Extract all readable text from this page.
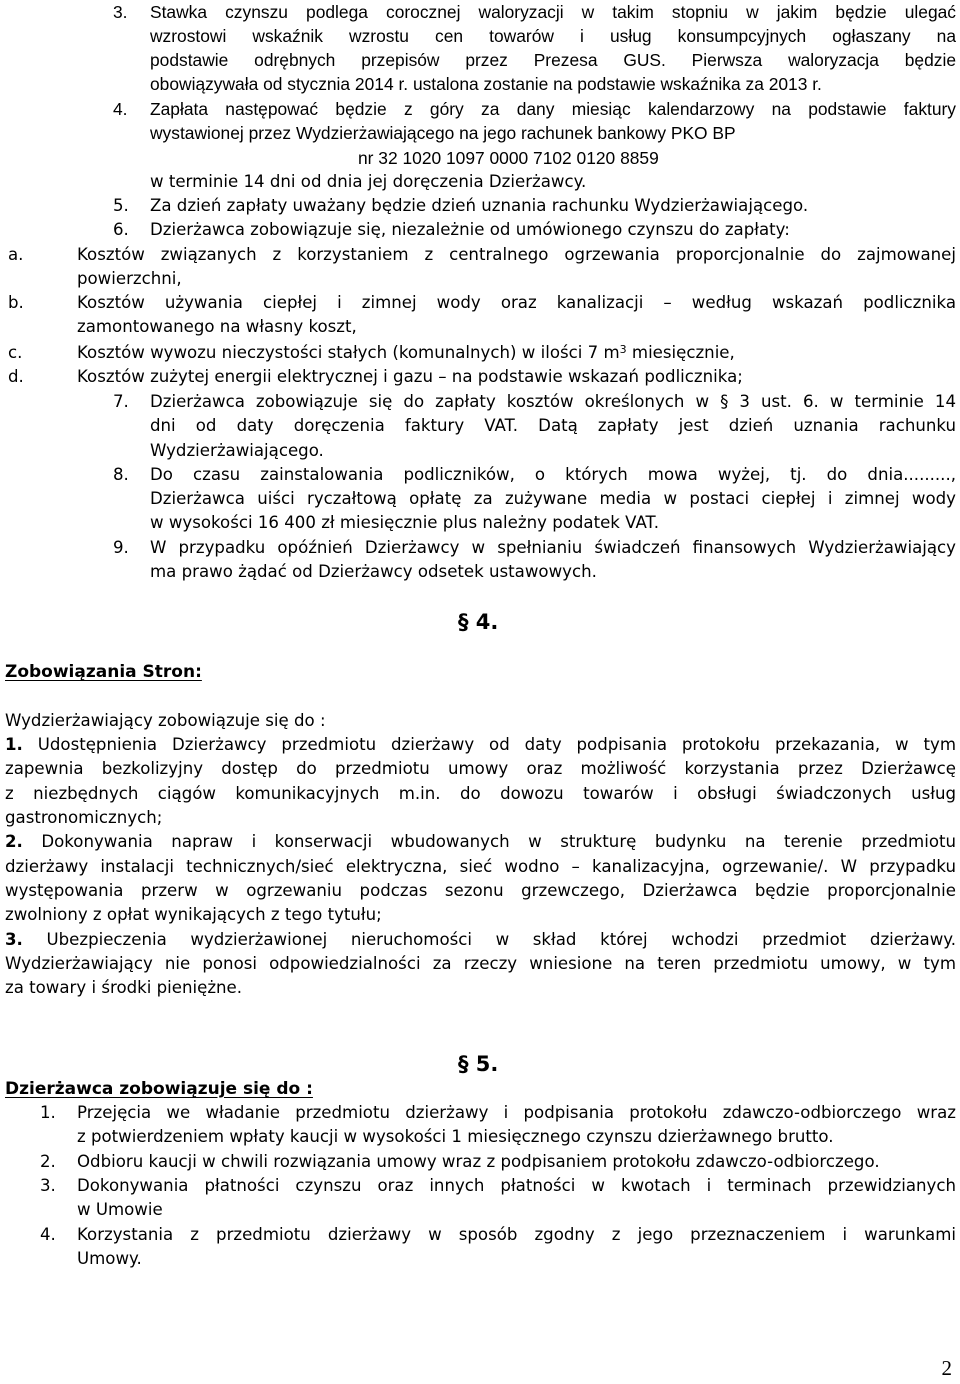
3. Stawka czynszu podlega corocznej waloryzacji w takim stopniu w jakim będzie ulegać
wzrostowi wskaźnik wzrostu cen towarów i usług konsumpcyjnych ogłaszany na
podstawie odrębnych przepisów przez Prezesa GUS. Pierwsza waloryzacja będzie
obowiązywała od stycznia 2014 r. ustalona zostanie na podstawie wskaźnika za 2013 r.
4. Zapłata następować będzie z góry za dany miesiąc kalendarzowy na podstawie faktury
wystawionej przez Wydzierżawiającego na jego rachunek bankowy PKO BP
nr 32 1020 1097 0000 7102 0120 8859
w terminie 14 dni od dnia jej doręczenia Dzierżawcy.
5. Za dzień zapłaty uważany będzie dzień uznania rachunku Wydzierżawiającego.
6. Dzierżawca zobowiązuje się, niezależnie od umówionego czynszu do zapłaty:
a.	Kosztów związanych z korzystaniem z centralnego ogrzewania proporcjonalnie do zajmowanej
powierzchni,
b.	Kosztów używania ciepłej i zimnej wody oraz kanalizacji – według wskazań podlicznika
zamontowanego na własny koszt,
c.	Kosztów wywozu nieczystości stałych (komunalnych) w ilości 7 $m^3$ miesięcznie,
d.	Kosztów zużytej energii elektrycznej i gazu – na podstawie wskazań podlicznika;
7. Dzierżawca zobowiązuje się do zapłaty kosztów określonych w § 3 ust. 6. w terminie 14
dni od daty doręczenia faktury VAT. Datą zapłaty jest dzień uznania rachunku
Wydzierżawiającego.
8. Do czasu zainstalowania podliczników, o których mowa wyżej, tj. do dnia.........,
Dzierżawca uiści ryczałtową opłatę za zużywane media w postaci ciepłej i zimnej wody
w wysokości 16 400 zł miesięcznie plus należny podatek VAT.
9. W przypadku opóźnień Dzierżawcy w spełnianiu świadczeń finansowych Wydzierżawiający
ma prawo żądać od Dzierżawcy odsetek ustawowych.
§ 4.
Zobowiązania Stron:
Wydzierżawiający zobowiązuje się do :
1. Udostępnienia Dzierżawcy przedmiotu dzierżawy od daty podpisania protokołu przekazania, w tym
zapewnia bezkolizyjny dostęp do przedmiotu umowy oraz możliwość korzystania przez Dzierżawcę
z niezbędnych ciągów komunikacyjnych m.in. do dowozu towarów i obsługi świadczonych usług
gastronomicznych;
2. Dokonywania napraw i konserwacji wbudowanych w strukturę budynku na terenie przedmiotu
dzierżawy instalacji technicznych/sieć elektryczna, sieć wodno – kanalizacyjna, ogrzewanie/. W przypadku
występowania przerw w ogrzewaniu podczas sezonu grzewczego, Dzierżawca będzie proporcjonalnie
zwolniony z opłat wynikających z tego tytułu;
3. Ubezpieczenia wydzierżawionej nieruchomości w skład której wchodzi przedmiot dzierżawy.
Wydzierżawiający nie ponosi odpowiedzialności za rzeczy wniesione na teren przedmiotu umowy, w tym
za towary i środki pieniężne.
§ 5.
Dzierżawca zobowiązuje się do :
1. Przejęcia we władanie przedmiotu dzierżawy i podpisania protokołu zdawczo-odbiorczego wraz
z potwierdzeniem wpłaty kaucji w wysokości 1 miesięcznego czynszu dzierżawnego brutto.
2. Odbioru kaucji w chwili rozwiązania umowy wraz z podpisaniem protokołu zdawczo-odbiorczego.
3. Dokonywania płatności czynszu oraz innych płatności w kwotach i terminach przewidzianych
w Umowie
4. Korzystania z przedmiotu dzierżawy w sposób zgodny z jego przeznaczeniem i warunkami
Umowy.
2
